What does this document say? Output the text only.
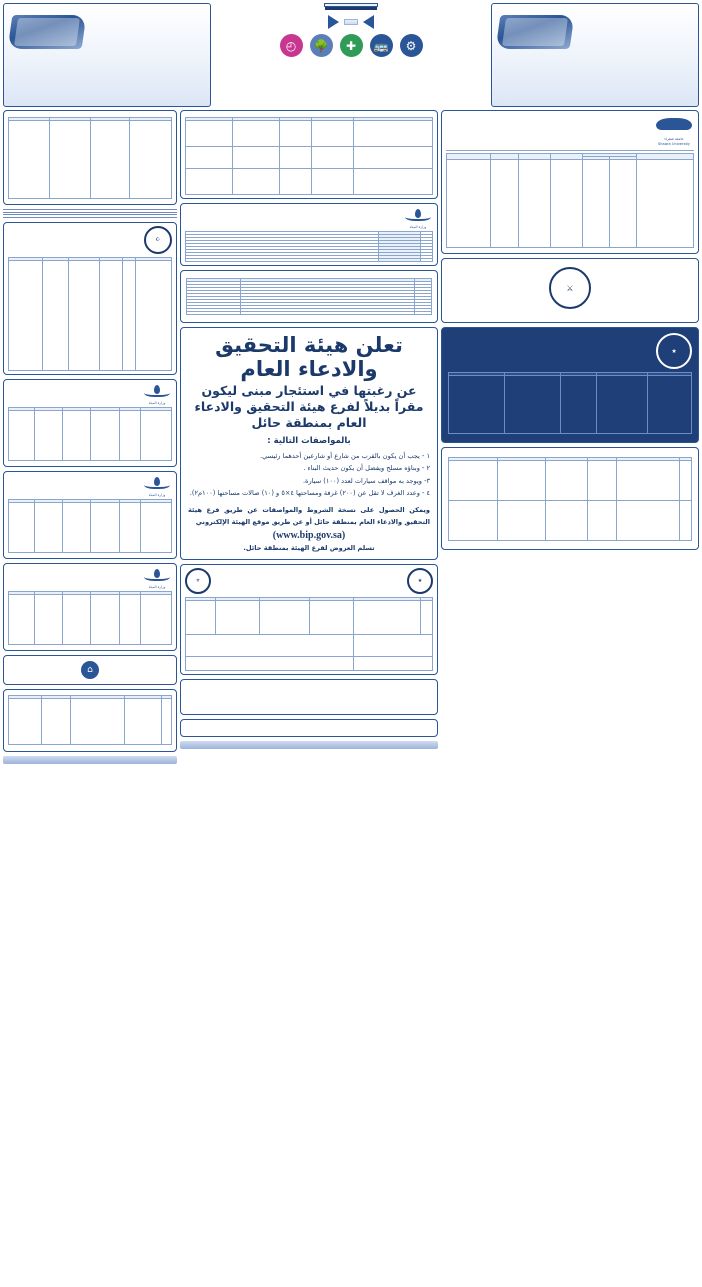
⚙
🚌
✚
🌳
◴
جامعة شقراء
Shaqra University

⚔
★

وزارة المياه

تعلن هيئة التحقيق والادعاء العام
عن رغبتها في استئجار مبنى ليكون مقراً بديلاً لفرع هيئة التحقيق والادعاء العام بمنطقة حائل
بالمواصفات التالية :
١ - يجب أن يكون بالقرب من شارع أو شارعين أحدهما رئيسي.
٢ - وبناؤه مسلح ويفضل أن يكون حديث البناء .
٣- ويوجد به مواقف سيارات لعدد (١٠٠) سيارة.
٤ - وعدد الغرف لا تقل عن (٢٠٠) غرفة ومساحتها ٤×٥ و (١٠) صالات مساحتها (١٠٠م٢).
ويمكن الحصول على نسخة الشروط والمواصفات عن طريق فرع هيئة التحقيق والادعاء العام بمنطقة حائل أو عن طريق موقع الهيئة الإلكتروني
(www.bip.gov.sa)
تسلم العروض لفرع الهيئة بمنطقة حائل.
★
⚜

☪

وزارة المياه

وزارة المياه

وزارة المياه

⌂
